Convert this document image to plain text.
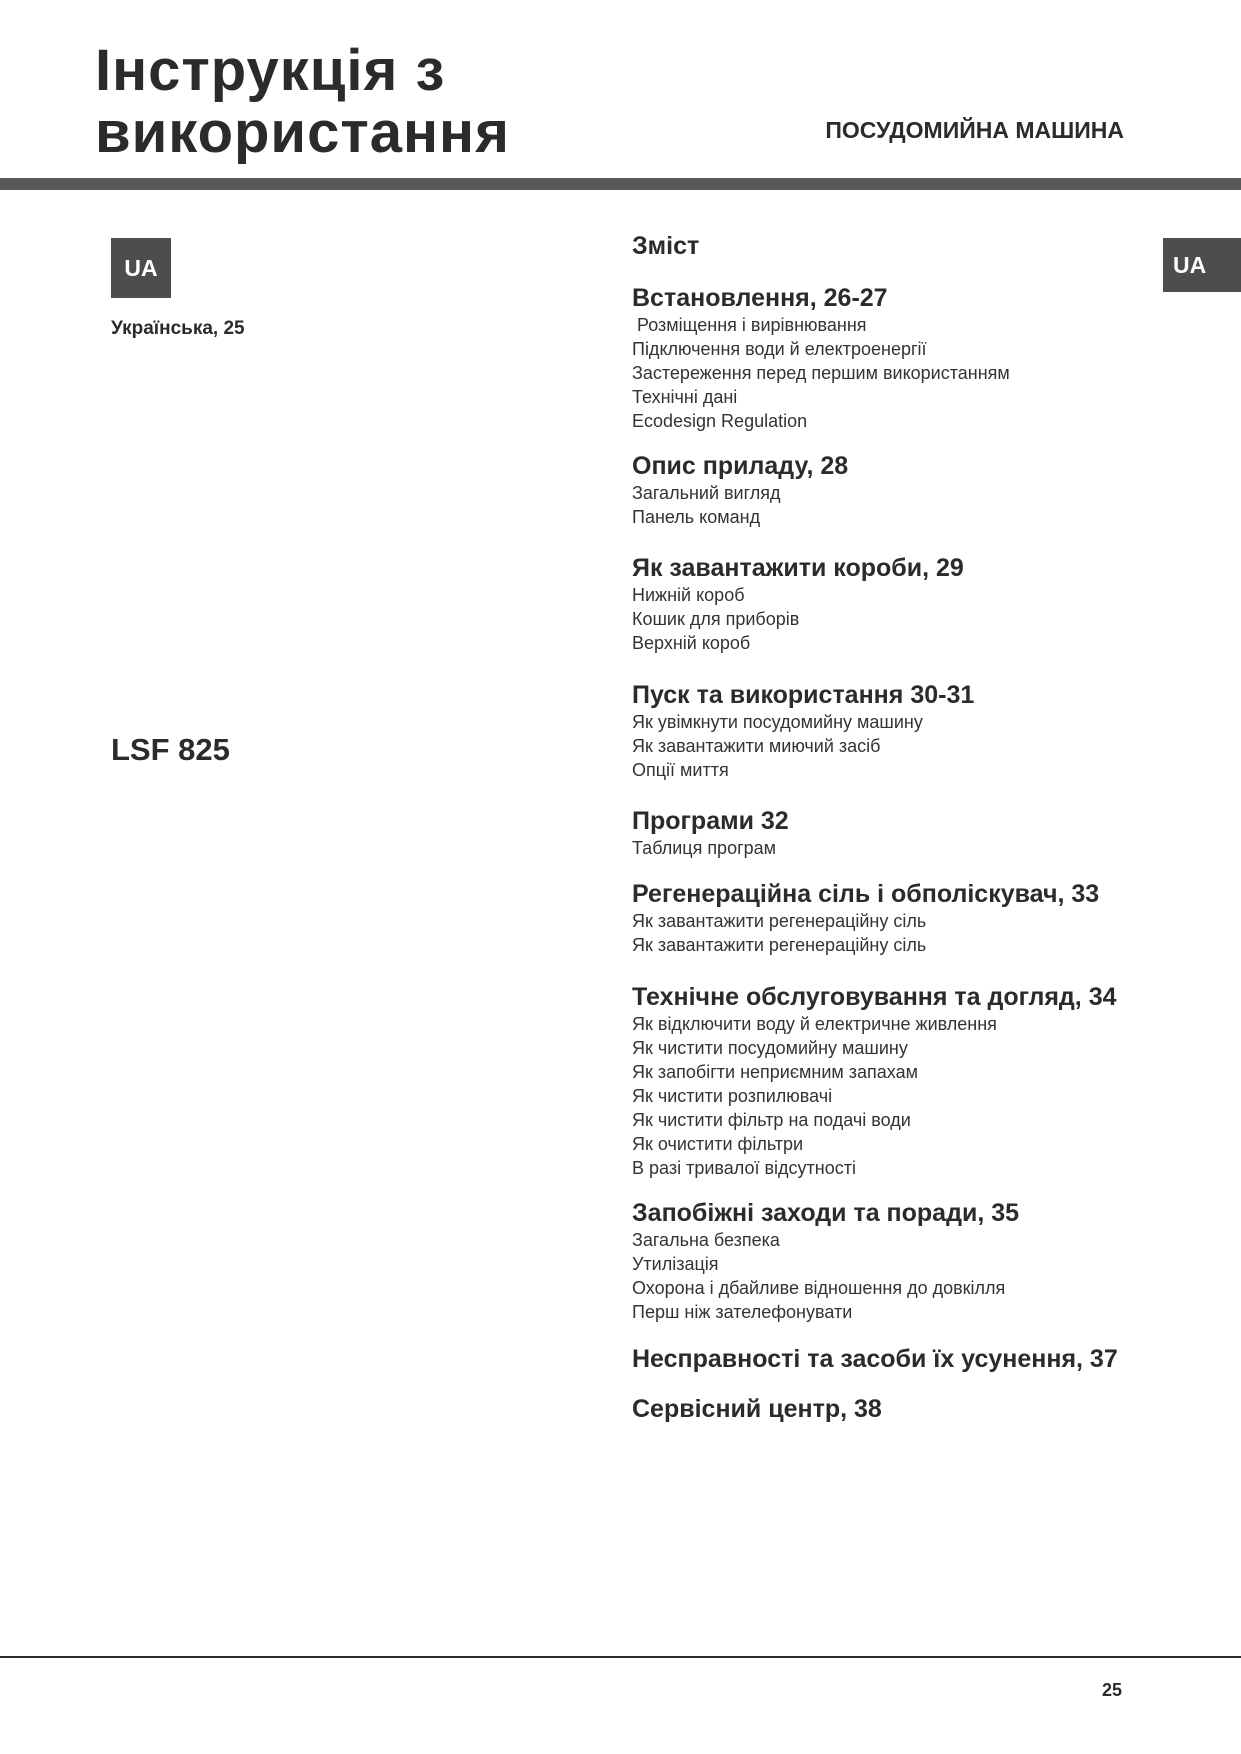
Інструкція з
використання	ПОСУДОМИЙНА МАШИНА
UA
Українська, 25
LSF 825
UA
Зміст
Встановлення, 26-27
Розміщення і вирівнювання
Підключення води й електроенергії
Застереження перед першим використанням
Технічні дані
Ecodesign Regulation
Опис приладу, 28
Загальний вигляд
Панель команд
Як завантажити короби, 29
Нижній короб
Кошик для приборів
Верхній короб
Пуск та використання 30-31
Як увімкнути посудомийну машину
Як завантажити миючий засіб
Опції миття
Програми 32
Таблиця програм
Регенераційна сіль і обполіскувач, 33
Як завантажити регенераційну сіль
Як завантажити регенераційну сіль
Технічне обслуговування та догляд, 34
Як відключити воду й електричне живлення
Як чистити посудомийну машину
Як запобігти неприємним запахам
Як чистити розпилювачі
Як чистити фільтр на подачі води
Як очистити фільтри
В разі тривалої відсутності
Запобіжні заходи та поради, 35
Загальна безпека
Утилізація
Охорона і дбайливе відношення до довкілля
Перш ніж зателефонувати
Несправності та засоби їх усунення, 37
Сервісний центр, 38
25
